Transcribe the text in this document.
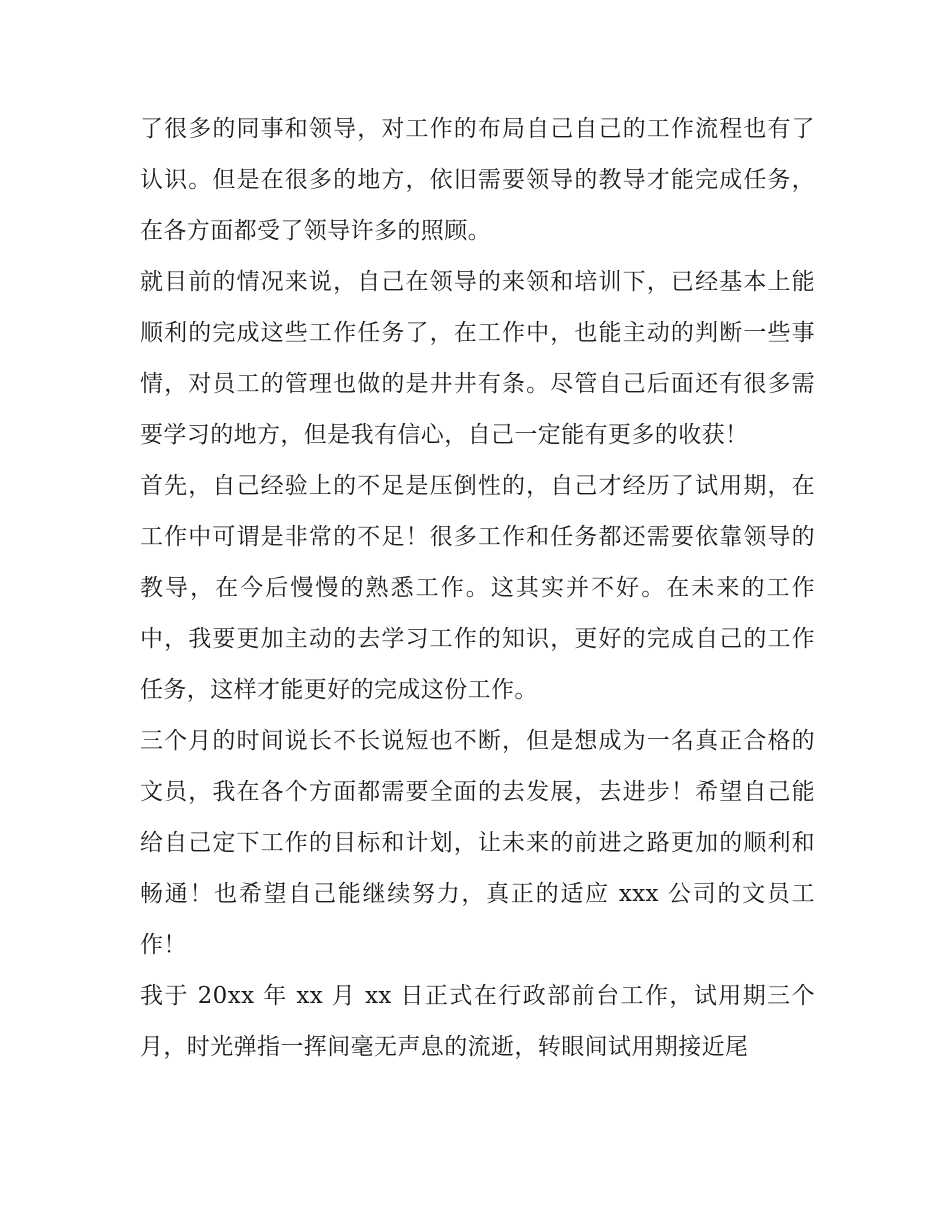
了很多的同事和领导，对工作的布局自己自己的工作流程也有了认识。但是在很多的地方，依旧需要领导的教导才能完成任务，在各方面都受了领导许多的照顾。

就目前的情况来说，自己在领导的来领和培训下，已经基本上能顺利的完成这些工作任务了，在工作中，也能主动的判断一些事情，对员工的管理也做的是井井有条。尽管自己后面还有很多需要学习的地方，但是我有信心，自己一定能有更多的收获！

首先，自己经验上的不足是压倒性的，自己才经历了试用期，在工作中可谓是非常的不足！很多工作和任务都还需要依靠领导的教导，在今后慢慢的熟悉工作。这其实并不好。在未来的工作中，我要更加主动的去学习工作的知识，更好的完成自己的工作任务，这样才能更好的完成这份工作。

三个月的时间说长不长说短也不断，但是想成为一名真正合格的文员，我在各个方面都需要全面的去发展，去进步！希望自己能给自己定下工作的目标和计划，让未来的前进之路更加的顺利和畅通！也希望自己能继续努力，真正的适应 xxx 公司的文员工作！

我于 20xx 年 xx 月 xx 日正式在行政部前台工作，试用期三个月，时光弹指一挥间毫无声息的流逝，转眼间试用期接近尾
